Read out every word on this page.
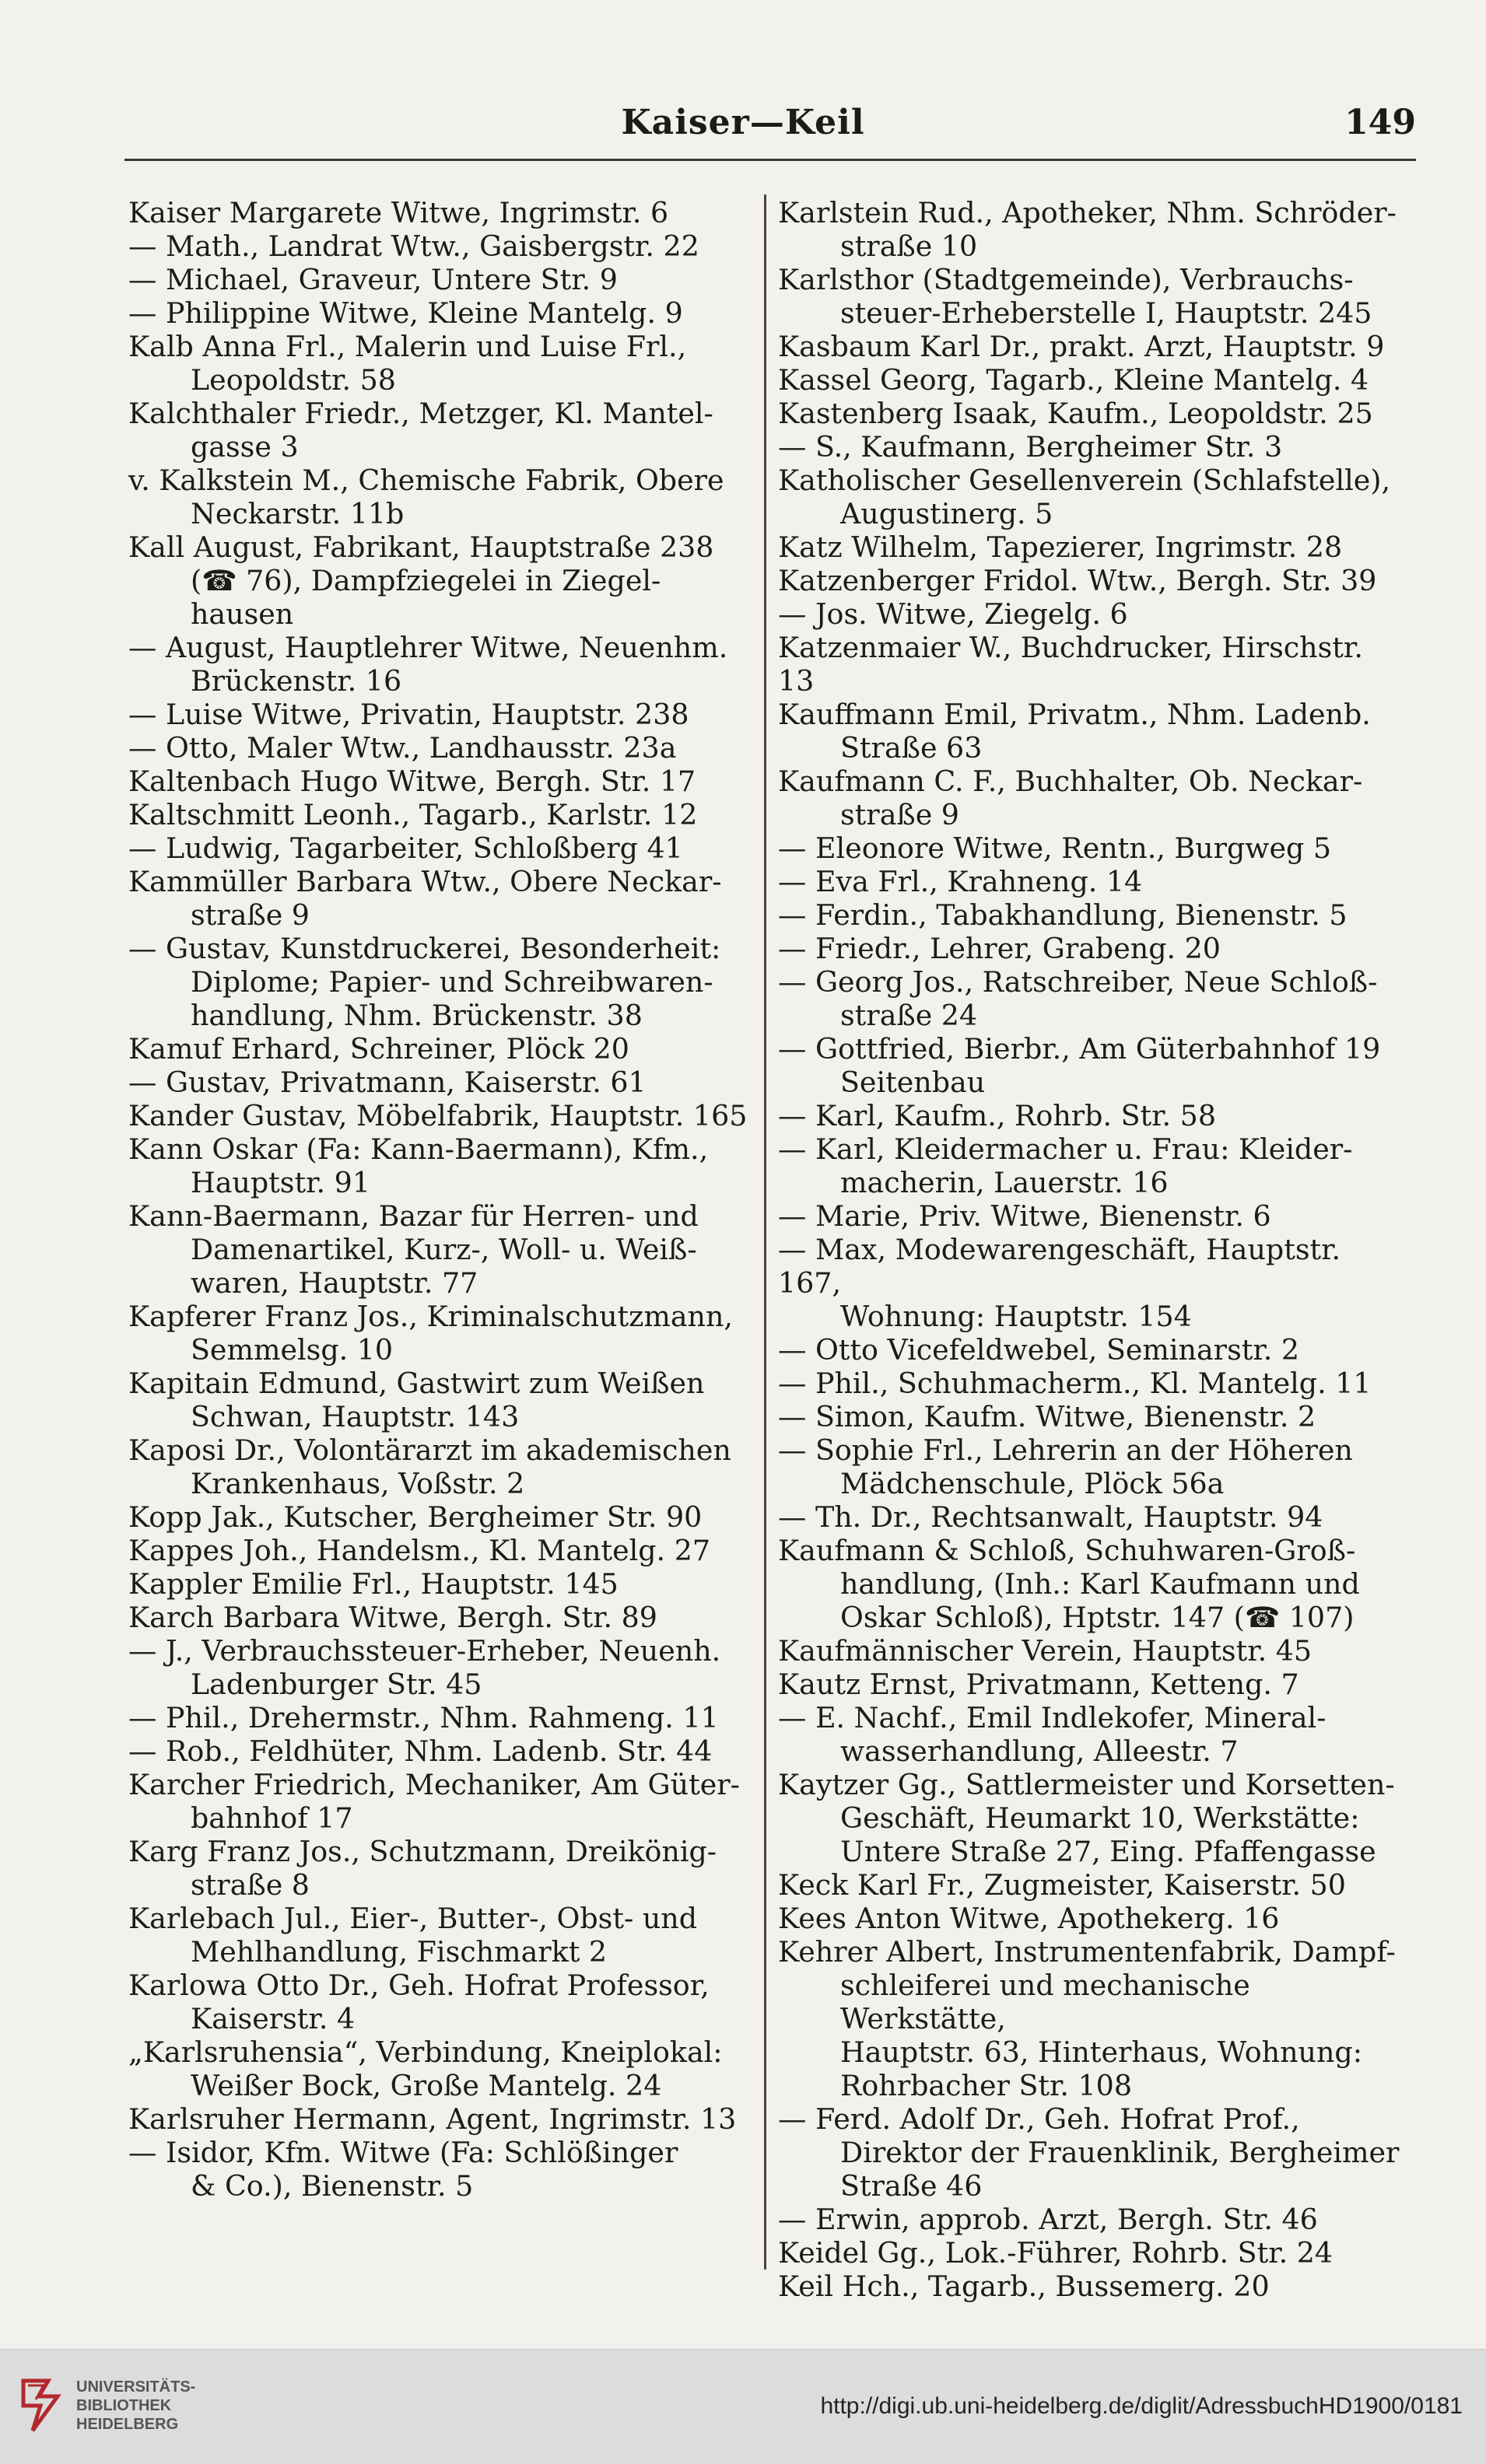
Kaiser—Keil	149
Kaiser Margarete Witwe, Ingrimstr. 6
— Math., Landrat Wtw., Gaisbergstr. 22
— Michael, Graveur, Untere Str. 9
— Philippine Witwe, Kleine Mantelg. 9
Kalb Anna Frl., Malerin und Luise Frl.,
Leopoldstr. 58
Kalchthaler Friedr., Metzger, Kl. Mantel-
gasse 3
v. Kalkstein M., Chemische Fabrik, Obere
Neckarstr. 11b
Kall August, Fabrikant, Hauptstraße 238
(☎ 76), Dampfziegelei in Ziegel-
hausen
— August, Hauptlehrer Witwe, Neuenhm.
Brückenstr. 16
— Luise Witwe, Privatin, Hauptstr. 238
— Otto, Maler Wtw., Landhausstr. 23a
Kaltenbach Hugo Witwe, Bergh. Str. 17
Kaltschmitt Leonh., Tagarb., Karlstr. 12
— Ludwig, Tagarbeiter, Schloßberg 41
Kammüller Barbara Wtw., Obere Neckar-
straße 9
— Gustav, Kunstdruckerei, Besonderheit:
Diplome; Papier- und Schreibwaren-
handlung, Nhm. Brückenstr. 38
Kamuf Erhard, Schreiner, Plöck 20
— Gustav, Privatmann, Kaiserstr. 61
Kander Gustav, Möbelfabrik, Hauptstr. 165
Kann Oskar (Fa: Kann-Baermann), Kfm.,
Hauptstr. 91
Kann-Baermann, Bazar für Herren- und
Damenartikel, Kurz-, Woll- u. Weiß-
waren, Hauptstr. 77
Kapferer Franz Jos., Kriminalschutzmann,
Semmelsg. 10
Kapitain Edmund, Gastwirt zum Weißen
Schwan, Hauptstr. 143
Kaposi Dr., Volontärarzt im akademischen
Krankenhaus, Voßstr. 2
Kopp Jak., Kutscher, Bergheimer Str. 90
Kappes Joh., Handelsm., Kl. Mantelg. 27
Kappler Emilie Frl., Hauptstr. 145
Karch Barbara Witwe, Bergh. Str. 89
— J., Verbrauchssteuer-Erheber, Neuenh.
Ladenburger Str. 45
— Phil., Drehermstr., Nhm. Rahmeng. 11
— Rob., Feldhüter, Nhm. Ladenb. Str. 44
Karcher Friedrich, Mechaniker, Am Güter-
bahnhof 17
Karg Franz Jos., Schutzmann, Dreikönig-
straße 8
Karlebach Jul., Eier-, Butter-, Obst- und
Mehlhandlung, Fischmarkt 2
Karlowa Otto Dr., Geh. Hofrat Professor,
Kaiserstr. 4
„Karlsruhensia“, Verbindung, Kneiplokal:
Weißer Bock, Große Mantelg. 24
Karlsruher Hermann, Agent, Ingrimstr. 13
— Isidor, Kfm. Witwe (Fa: Schlößinger
& Co.), Bienenstr. 5
Karlstein Rud., Apotheker, Nhm. Schröder-
straße 10
Karlsthor (Stadtgemeinde), Verbrauchs-
steuer-Erheberstelle I, Hauptstr. 245
Kasbaum Karl Dr., prakt. Arzt, Hauptstr. 9
Kassel Georg, Tagarb., Kleine Mantelg. 4
Kastenberg Isaak, Kaufm., Leopoldstr. 25
— S., Kaufmann, Bergheimer Str. 3
Katholischer Gesellenverein (Schlafstelle),
Augustinerg. 5
Katz Wilhelm, Tapezierer, Ingrimstr. 28
Katzenberger Fridol. Wtw., Bergh. Str. 39
— Jos. Witwe, Ziegelg. 6
Katzenmaier W., Buchdrucker, Hirschstr. 13
Kauffmann Emil, Privatm., Nhm. Ladenb.
Straße 63
Kaufmann C. F., Buchhalter, Ob. Neckar-
straße 9
— Eleonore Witwe, Rentn., Burgweg 5
— Eva Frl., Krahneng. 14
— Ferdin., Tabakhandlung, Bienenstr. 5
— Friedr., Lehrer, Grabeng. 20
— Georg Jos., Ratschreiber, Neue Schloß-
straße 24
— Gottfried, Bierbr., Am Güterbahnhof 19
Seitenbau
— Karl, Kaufm., Rohrb. Str. 58
— Karl, Kleidermacher u. Frau: Kleider-
macherin, Lauerstr. 16
— Marie, Priv. Witwe, Bienenstr. 6
— Max, Modewarengeschäft, Hauptstr. 167,
Wohnung: Hauptstr. 154
— Otto Vicefeldwebel, Seminarstr. 2
— Phil., Schuhmacherm., Kl. Mantelg. 11
— Simon, Kaufm. Witwe, Bienenstr. 2
— Sophie Frl., Lehrerin an der Höheren
Mädchenschule, Plöck 56a
— Th. Dr., Rechtsanwalt, Hauptstr. 94
Kaufmann & Schloß, Schuhwaren-Groß-
handlung, (Inh.: Karl Kaufmann und
Oskar Schloß), Hptstr. 147 (☎ 107)
Kaufmännischer Verein, Hauptstr. 45
Kautz Ernst, Privatmann, Ketteng. 7
— E. Nachf., Emil Indlekofer, Mineral-
wasserhandlung, Alleestr. 7
Kaytzer Gg., Sattlermeister und Korsetten-
Geschäft, Heumarkt 10, Werkstätte:
Untere Straße 27, Eing. Pfaffengasse
Keck Karl Fr., Zugmeister, Kaiserstr. 50
Kees Anton Witwe, Apothekerg. 16
Kehrer Albert, Instrumentenfabrik, Dampf-
schleiferei und mechanische Werkstätte,
Hauptstr. 63, Hinterhaus, Wohnung:
Rohrbacher Str. 108
— Ferd. Adolf Dr., Geh. Hofrat Prof.,
Direktor der Frauenklinik, Bergheimer
Straße 46
— Erwin, approb. Arzt, Bergh. Str. 46
Keidel Gg., Lok.-Führer, Rohrb. Str. 24
Keil Hch., Tagarb., Bussemerg. 20
UNIVERSITÄTS-
BIBLIOTHEK
HEIDELBERG
http://digi.ub.uni-heidelberg.de/diglit/AdressbuchHD1900/0181
